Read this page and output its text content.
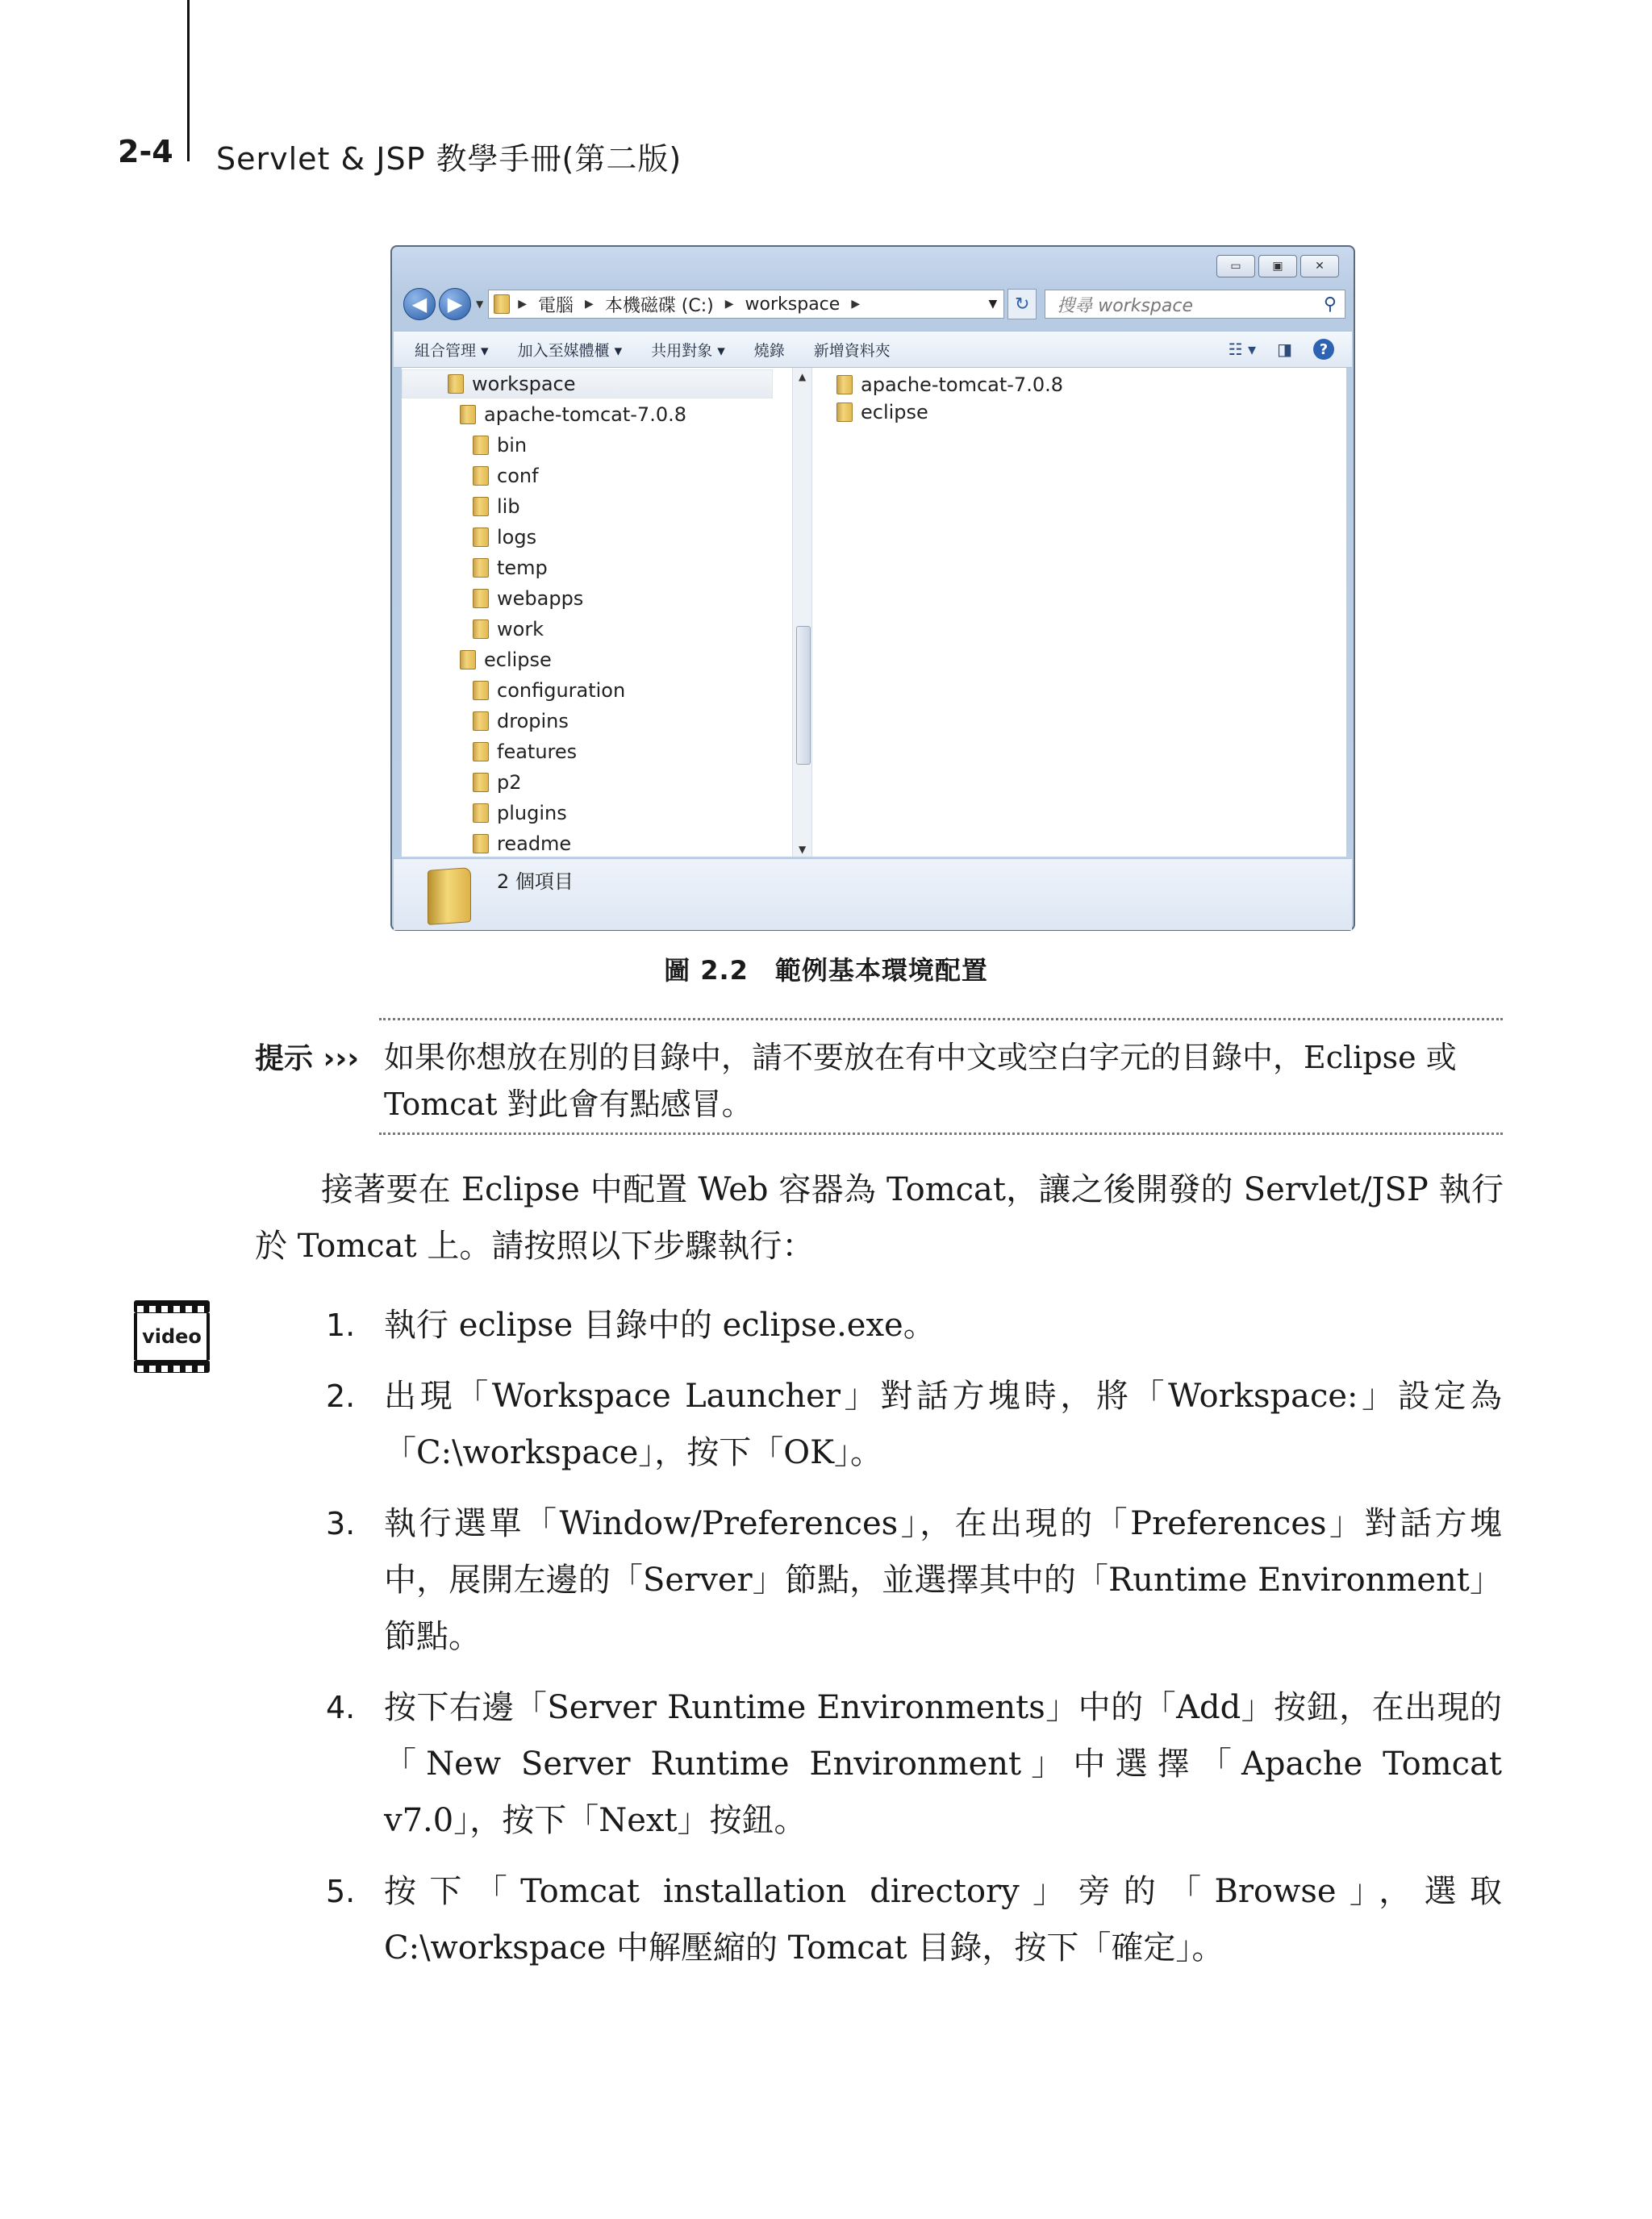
2-4 Servlet & JSP 教學手冊(第二版)
▭	▣	✕
◀	▶	▼	▶ 電腦 ▶ 本機磁碟 (C:) ▶ workspace ▶	▼ ↻	搜尋 workspace	⚲
組合管理 ▾ 加入至媒體櫃 ▾ 共用對象 ▾ 燒錄 新增資料夾	☷ ▾ ◨	?
workspace
apache-tomcat-7.0.8
bin
conf
lib
logs
temp
webapps
work
eclipse
configuration
dropins
features
p2
plugins
readme
▲
▼
apache-tomcat-7.0.8
eclipse
2 個項目
圖 2.2　範例基本環境配置
提示 ››› 如果你想放在別的目錄中，請不要放在有中文或空白字元的目錄中，Eclipse 或 Tomcat 對此會有點感冒。
接著要在 Eclipse 中配置 Web 容器為 Tomcat，讓之後開發的 Servlet/JSP 執行於 Tomcat 上。請按照以下步驟執行：
video	1. 執行 eclipse 目錄中的 eclipse.exe。
2. 出現「Workspace Launcher」對話方塊時，將「Workspace:」設定為「C:\workspace」，按下「OK」。
3. 執行選單「Window/Preferences」，在出現的「Preferences」對話方塊中，展開左邊的「Server」節點，並選擇其中的「Runtime Environment」節點。
4. 按下右邊「Server Runtime Environments」中的「Add」按鈕，在出現的「New Server Runtime Environment」中選擇「Apache Tomcat v7.0」，按下「Next」按鈕。
5. 按下「Tomcat installation directory」旁的「Browse」，選取 C:\workspace 中解壓縮的 Tomcat 目錄，按下「確定」。
